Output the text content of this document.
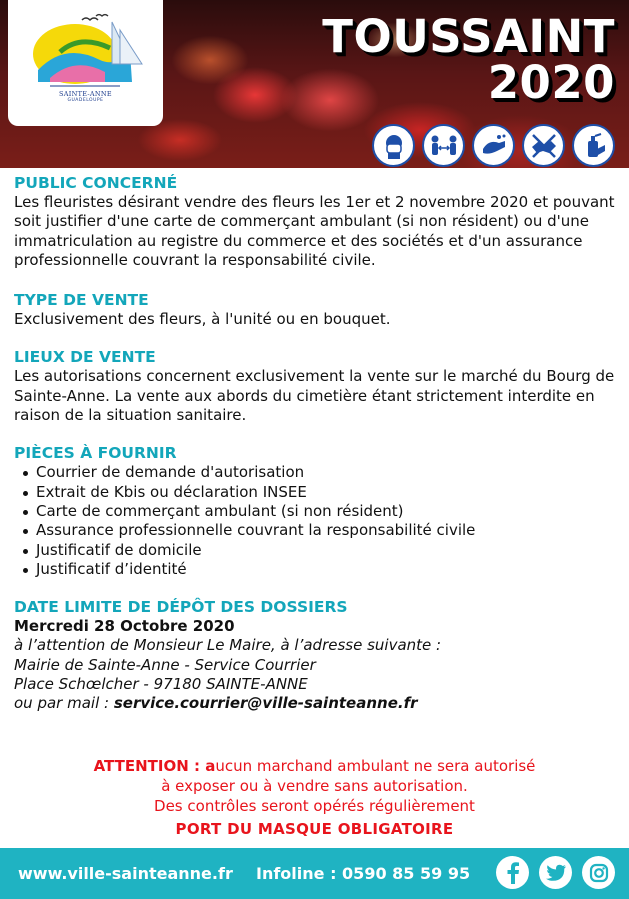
SAINTE-ANNE
GUADELOUPE
TOUSSAINT
2020
PUBLIC CONCERNÉ
Les fleuristes désirant vendre des fleurs les 1er et 2 novembre 2020 et pouvant soit justifier d'une carte de commerçant ambulant (si non résident) ou d'une immatriculation au registre du commerce et des sociétés et d'un assurance professionnelle couvrant la responsabilité civile.
TYPE DE VENTE
Exclusivement des fleurs, à l'unité ou en bouquet.
LIEUX DE VENTE
Les autorisations concernent exclusivement la vente sur le marché du Bourg de Sainte-Anne. La vente aux abords du cimetière étant strictement interdite en raison de la situation sanitaire.
PIÈCES À FOURNIR
Courrier de demande d'autorisation
Extrait de Kbis ou déclaration INSEE
Carte de commerçant ambulant (si non résident)
Assurance professionnelle couvrant la responsabilité civile
Justificatif de domicile
Justificatif d’identité
DATE LIMITE DE DÉPÔT DES DOSSIERS
Mercredi 28 Octobre 2020
à l’attention de Monsieur Le Maire, à l’adresse suivante :
Mairie de Sainte-Anne - Service Courrier
Place Schœlcher - 97180 SAINTE-ANNE
ou par mail : service.courrier@ville-sainteanne.fr
ATTENTION : aucun marchand ambulant ne sera autorisé
à exposer ou à vendre sans autorisation.
Des contrôles seront opérés régulièrement
PORT DU MASQUE OBLIGATOIRE
www.ville-sainteanne.fr Infoline : 0590 85 59 95
